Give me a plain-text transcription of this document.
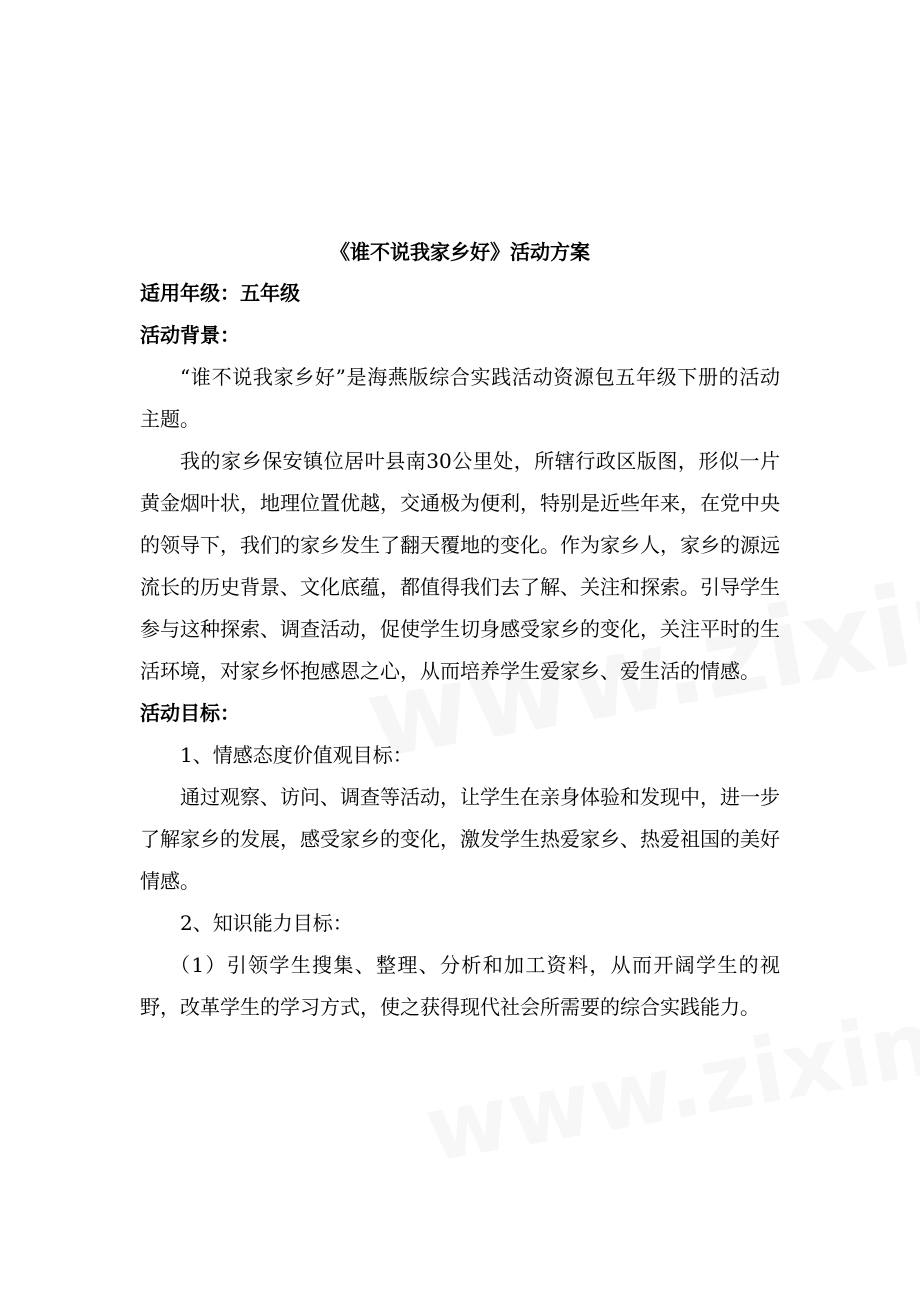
《谁不说我家乡好》活动方案
适用年级：五年级
活动背景：

“谁不说我家乡好”是海燕版综合实践活动资源包五年级下册的活动主题。

我的家乡保安镇位居叶县南30公里处，所辖行政区版图，形似一片黄金烟叶状，地理位置优越，交通极为便利，特别是近些年来，在党中央的领导下，我们的家乡发生了翻天覆地的变化。作为家乡人，家乡的源远流长的历史背景、文化底蕴，都值得我们去了解、关注和探索。引导学生参与这种探索、调查活动，促使学生切身感受家乡的变化，关注平时的生活环境，对家乡怀抱感恩之心，从而培养学生爱家乡、爱生活的情感。

活动目标：

1、情感态度价值观目标：

通过观察、访问、调查等活动，让学生在亲身体验和发现中，进一步了解家乡的发展，感受家乡的变化，激发学生热爱家乡、热爱祖国的美好情感。

2、知识能力目标：

（1）引领学生搜集、整理、分析和加工资料，从而开阔学生的视野，改革学生的学习方式，使之获得现代社会所需要的综合实践能力。
